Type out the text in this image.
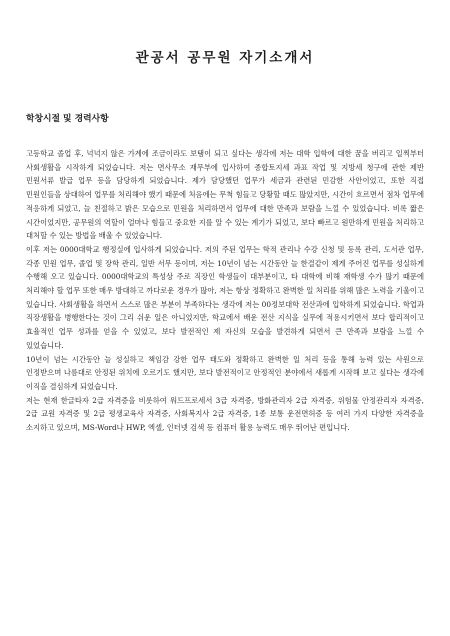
관공서 공무원 자기소개서
학창시절 및 경력사항

고등학교 졸업 후, 넉넉지 않은 가계에 조금이라도 보탬이 되고 싶다는 생각에 저는 대학 입학에 대한 꿈을 버리고 일찍부터 사회생활을 시작하게 되었습니다. 저는 면사무소 재무부에 입사하여 종합토지세 과표 작업 및 지방세 청구에 관한 제반 민원서류 발급 업무 등을 담당하게 되었습니다. 제가 담당했던 업무가 세금과 관련된 민감한 사안이었고, 또한 직접 민원인들을 상대하여 업무를 처리해야 했기 때문에 처음에는 무척 힘들고 당황할 때도 많았지만, 시간이 흐르면서 점차 업무에 적응하게 되었고, 늘 친절하고 밝은 모습으로 민원을 처리하면서 업무에 대한 만족과 보람을 느낄 수 있었습니다. 비록 짧은 시간이었지만, 공무원의 역할이 얼마나 힘들고 중요한 지를 알 수 있는 계기가 되었고, 보다 빠르고 원만하게 민원을 처리하고 대처할 수 있는 방법을 배울 수 있었습니다.

이후 저는 0000대학교 행정실에 입사하게 되었습니다. 저의 주된 업무는 학적 관리나 수강 신청 및 등록 관리, 도서관 업무, 각종 민원 업무, 졸업 및 장학 관리, 일반 서무 등이며, 저는 10년이 넘는 시간동안 늘 한결같이 제게 주어진 업무를 성실하게 수행해 오고 있습니다. 0000대학교의 특성상 주로 직장인 학생들이 대부분이고, 타 대학에 비해 재학생 수가 많기 때문에 처리해야 할 업무 또한 매우 방대하고 까다로운 경우가 많아, 저는 항상 정확하고 완벽한 일 처리를 위해 많은 노력을 기울이고 있습니다. 사회생활을 하면서 스스로 많은 부분이 부족하다는 생각에 저는 00정보대학 전산과에 입학하게 되었습니다. 학업과 직장생활을 병행한다는 것이 그리 쉬운 일은 아니었지만, 학교에서 배운 전산 지식을 실무에 적용시키면서 보다 합리적이고 효율적인 업무 성과를 얻을 수 있었고, 보다 발전적인 제 자신의 모습을 발견하게 되면서 큰 만족과 보람을 느낄 수 있었습니다.

10년이 넘는 시간동안 늘 성실하고 책임감 강한 업무 태도와 정확하고 완벽한 일 처리 등을 통해 능력 있는 사원으로 인정받으며 나름대로 안정된 위치에 오르기도 했지만, 보다 발전적이고 안정적인 분야에서 새롭게 시작해 보고 싶다는 생각에 이직을 결심하게 되었습니다.

저는 현재 한글타자 2급 자격증을 비롯하여 워드프로세서 3급 자격증, 방화관리자 2급 자격증, 위험물 안정관리자 자격증, 2급 교원 자격증 및 2급 평생교육사 자격증, 사회복지사 2급 자격증, 1종 보통 운전면허증 등 여러 가지 다양한 자격증을 소지하고 있으며, MS-Word나 HWP, 엑셀, 인터넷 검색 등 컴퓨터 활용 능력도 매우 뛰어난 편입니다.
